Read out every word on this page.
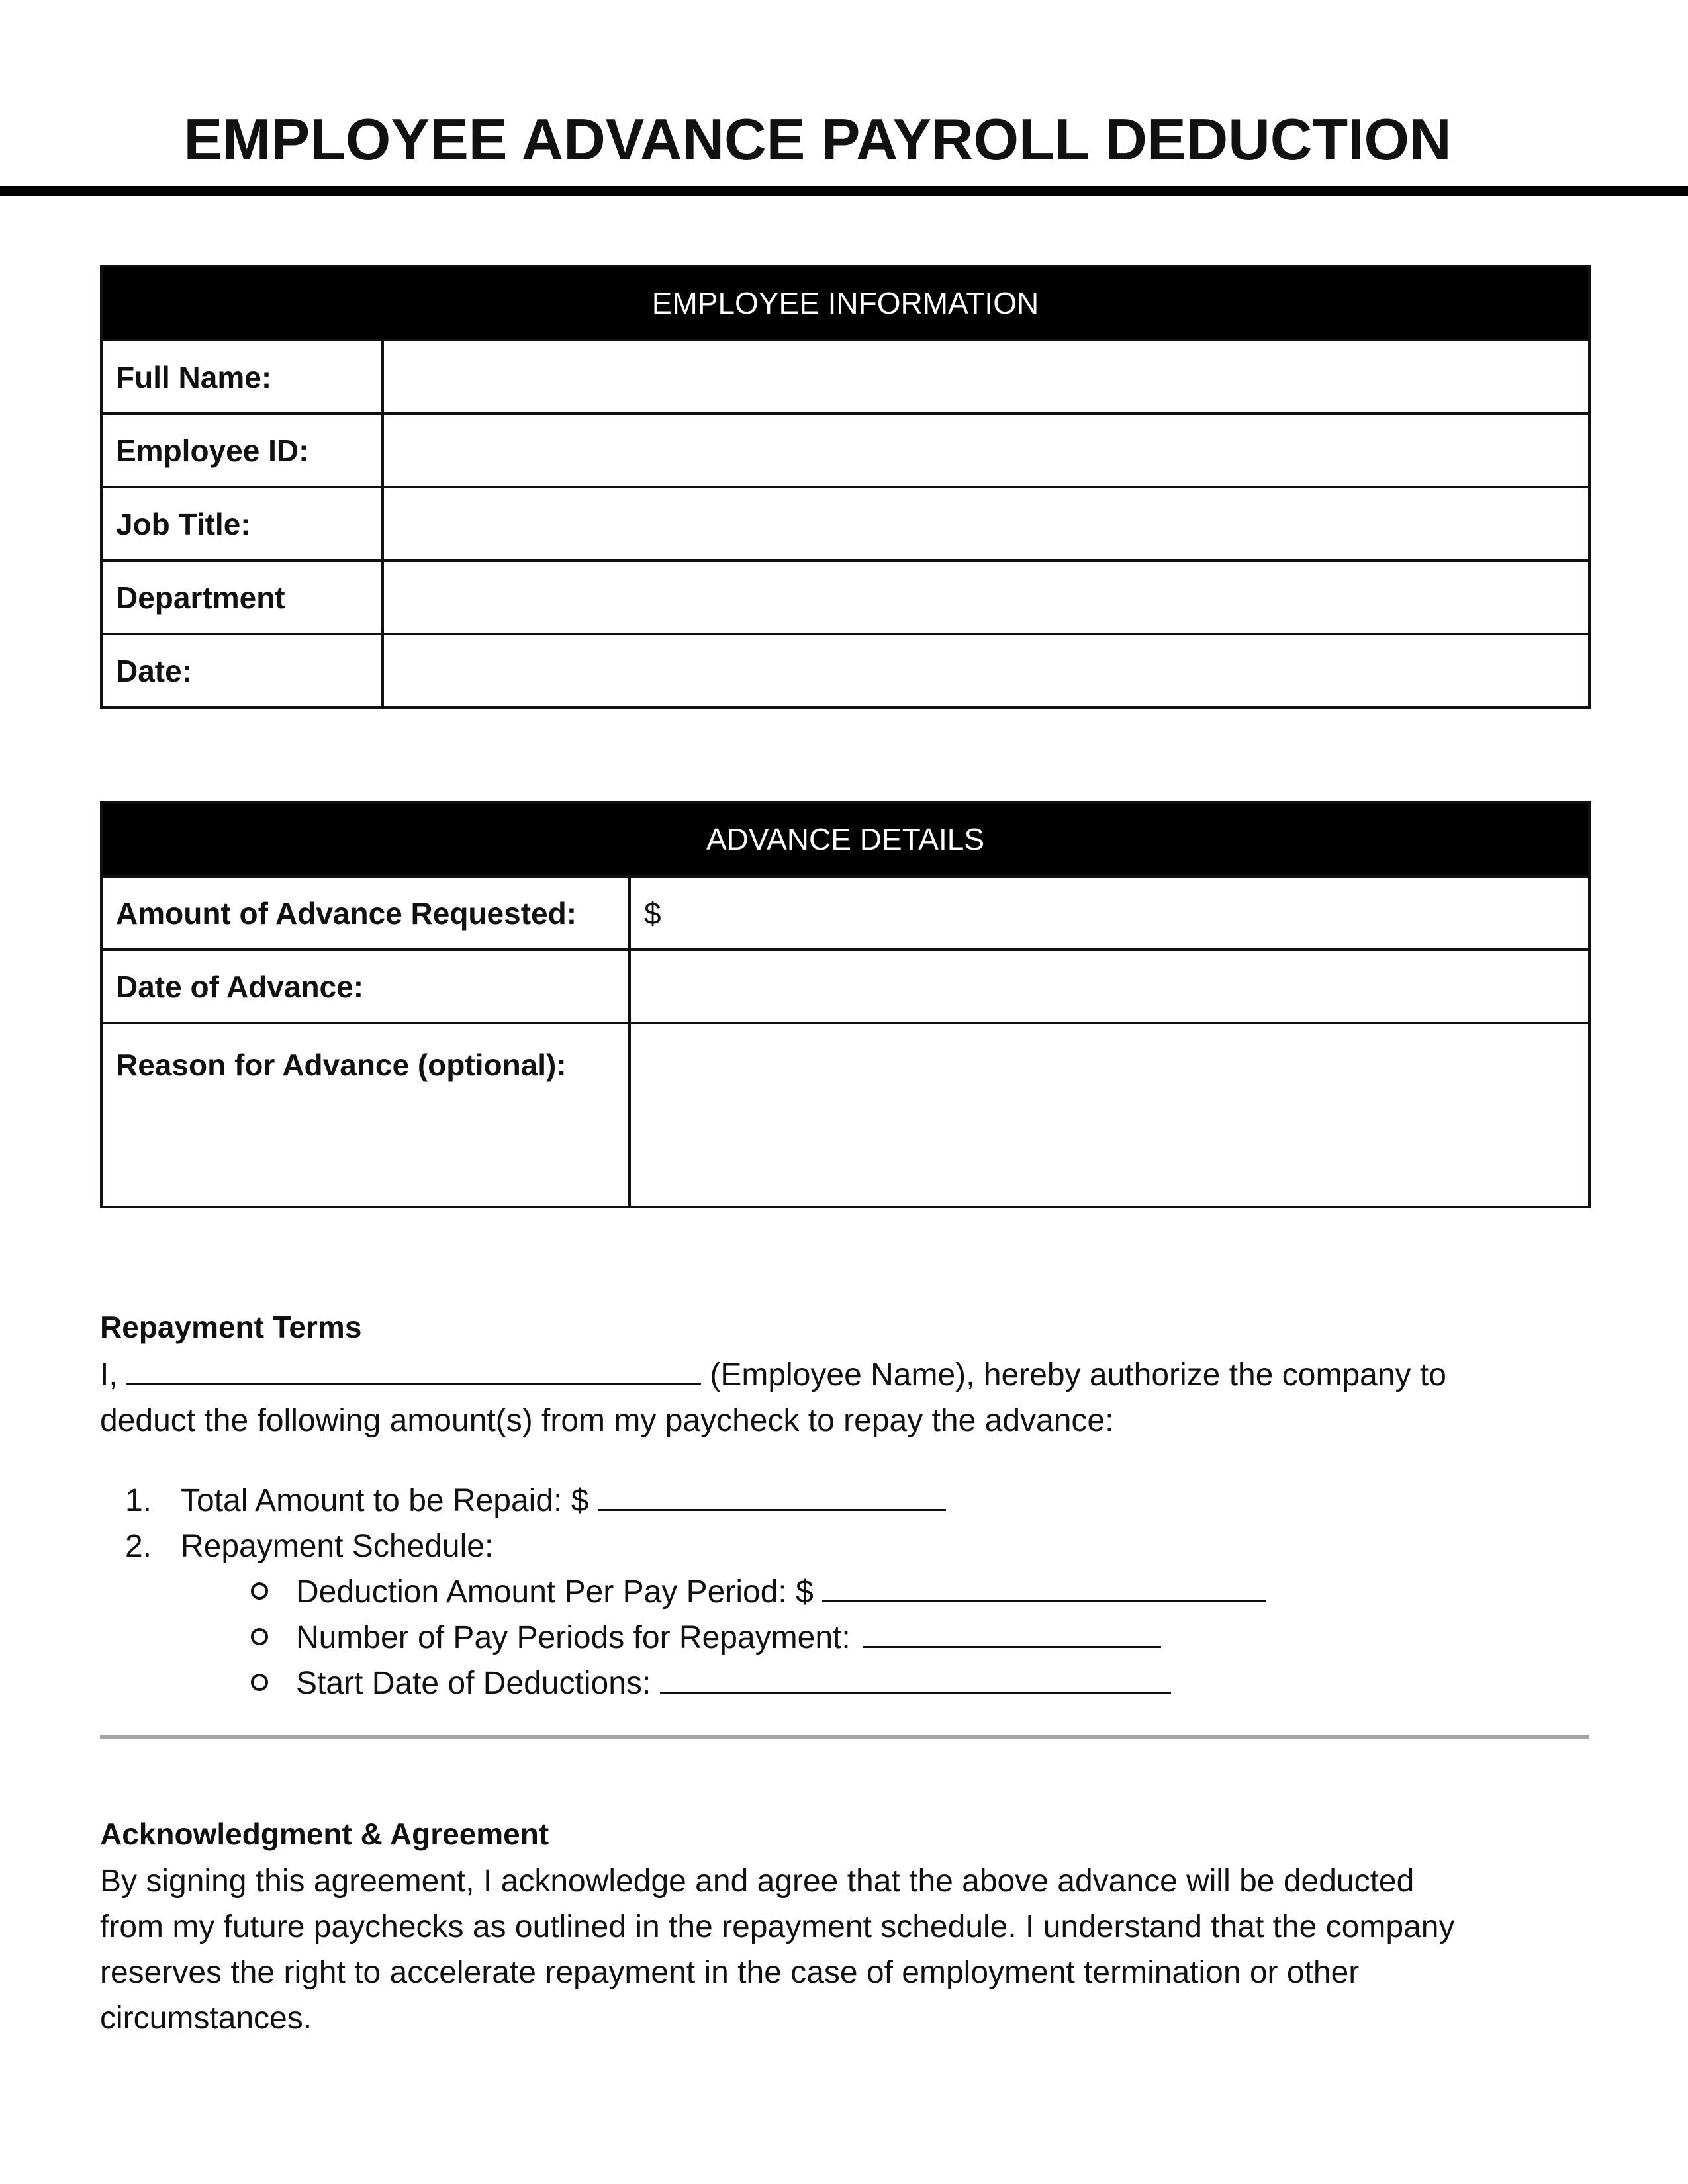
EMPLOYEE ADVANCE PAYROLL DEDUCTION
EMPLOYEE INFORMATION	
Full Name:	
Employee ID:	
Job Title:	
Department	
Date:	
ADVANCE DETAILS	
Amount of Advance Requested:	$
Date of Advance:	
Reason for Advance (optional):	

Repayment Terms

I,	(Employee Name), hereby authorize the company to
deduct the following amount(s) from my paycheck to repay the advance:

1. Total Amount to be Repaid: $
2. Repayment Schedule:
Deduction Amount Per Pay Period: $
Number of Pay Periods for Repayment:
Start Date of Deductions:

Acknowledgment & Agreement

By signing this agreement, I acknowledge and agree that the above advance will be deducted
from my future paychecks as outlined in the repayment schedule. I understand that the company
reserves the right to accelerate repayment in the case of employment termination or other
circumstances.
